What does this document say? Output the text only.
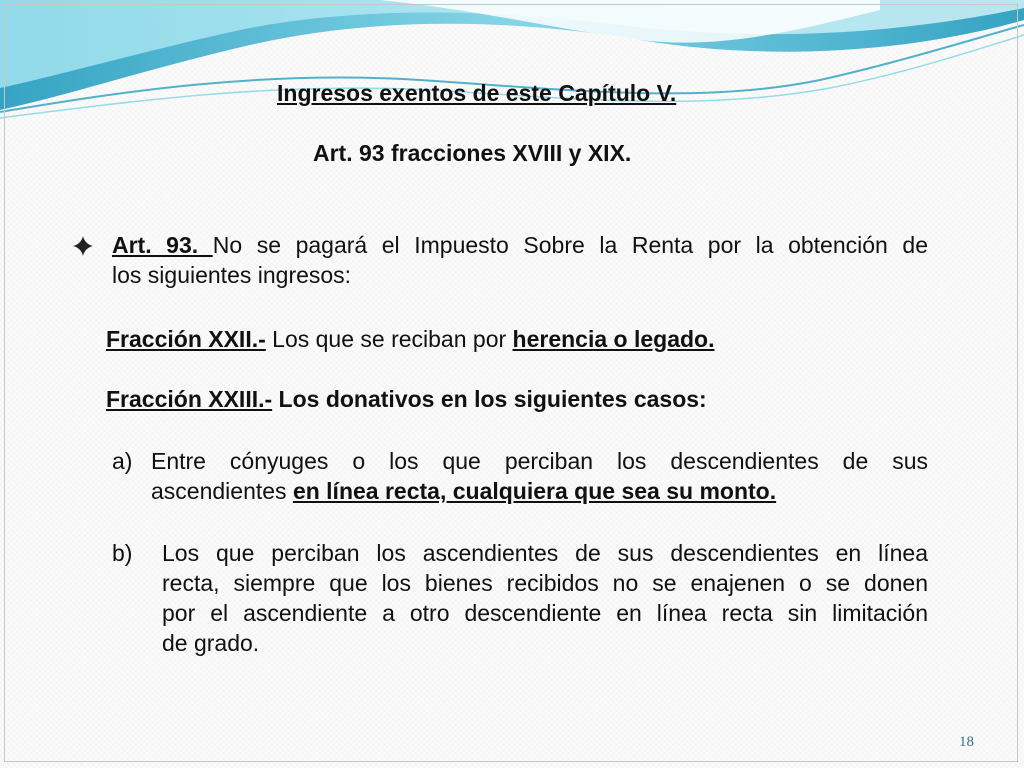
Ingresos exentos de este Capítulo V.
Art. 93 fracciones XVIII y XIX.
Art. 93. No se pagará el Impuesto Sobre la Renta por la obtención de
los siguientes ingresos:
Fracción XXII.- Los que se reciban por herencia o legado.
Fracción XXIII.- Los donativos en los siguientes casos:
a) Entre cónyuges o los que perciban los descendientes de sus
ascendientes en línea recta, cualquiera que sea su monto.
b) Los que perciban los ascendientes de sus descendientes en línea
recta, siempre que los bienes recibidos no se enajenen o se donen
por el ascendiente a otro descendiente en línea recta sin limitación
de grado.
18
